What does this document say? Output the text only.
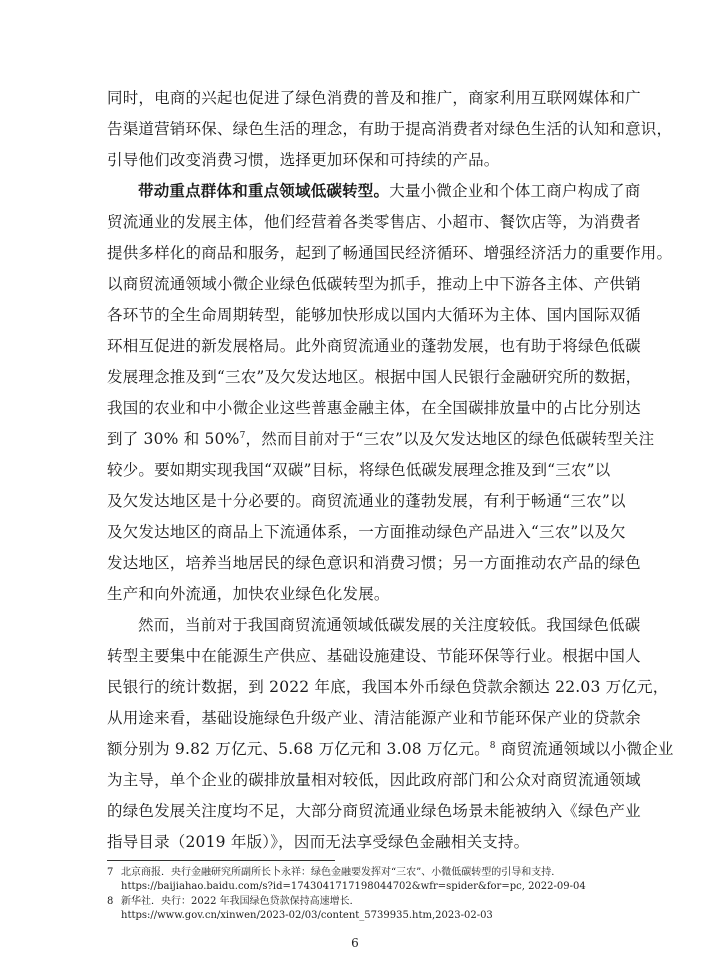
同时，电商的兴起也促进了绿色消费的普及和推广，商家利用互联网媒体和广
告渠道营销环保、绿色生活的理念，有助于提高消费者对绿色生活的认知和意识，
引导他们改变消费习惯，选择更加环保和可持续的产品。
带动重点群体和重点领域低碳转型。大量小微企业和个体工商户构成了商
贸流通业的发展主体，他们经营着各类零售店、小超市、餐饮店等，为消费者
提供多样化的商品和服务，起到了畅通国民经济循环、增强经济活力的重要作用。
以商贸流通领域小微企业绿色低碳转型为抓手，推动上中下游各主体、产供销
各环节的全生命周期转型，能够加快形成以国内大循环为主体、国内国际双循
环相互促进的新发展格局。此外商贸流通业的蓬勃发展，也有助于将绿色低碳
发展理念推及到“三农”及欠发达地区。根据中国人民银行金融研究所的数据，
我国的农业和中小微企业这些普惠金融主体，在全国碳排放量中的占比分别达
到了 30% 和 50%$^7$，然而目前对于“三农”以及欠发达地区的绿色低碳转型关注
较少。要如期实现我国“双碳”目标，将绿色低碳发展理念推及到“三农”以
及欠发达地区是十分必要的。商贸流通业的蓬勃发展，有利于畅通“三农”以
及欠发达地区的商品上下流通体系，一方面推动绿色产品进入“三农”以及欠
发达地区，培养当地居民的绿色意识和消费习惯；另一方面推动农产品的绿色
生产和向外流通，加快农业绿色化发展。
然而，当前对于我国商贸流通领域低碳发展的关注度较低。我国绿色低碳
转型主要集中在能源生产供应、基础设施建设、节能环保等行业。根据中国人
民银行的统计数据，到 2022 年底，我国本外币绿色贷款余额达 22.03 万亿元，
从用途来看，基础设施绿色升级产业、清洁能源产业和节能环保产业的贷款余
额分别为 9.82 万亿元、5.68 万亿元和 3.08 万亿元。$^8$ 商贸流通领域以小微企业
为主导，单个企业的碳排放量相对较低，因此政府部门和公众对商贸流通领域
的绿色发展关注度均不足，大部分商贸流通业绿色场景未能被纳入《绿色产业
指导目录（2019 年版）》，因而无法享受绿色金融相关支持。
7 北京商报．央行金融研究所副所长卜永祥：绿色金融要发挥对“三农”、小微低碳转型的引导和支持．
https://baijiahao.baidu.com/s?id=1743041717198044702&wfr=spider&for=pc, 2022-09-04
8 新华社．央行：2022 年我国绿色贷款保持高速增长．
https://www.gov.cn/xinwen/2023-02/03/content_5739935.htm,2023-02-03
6
